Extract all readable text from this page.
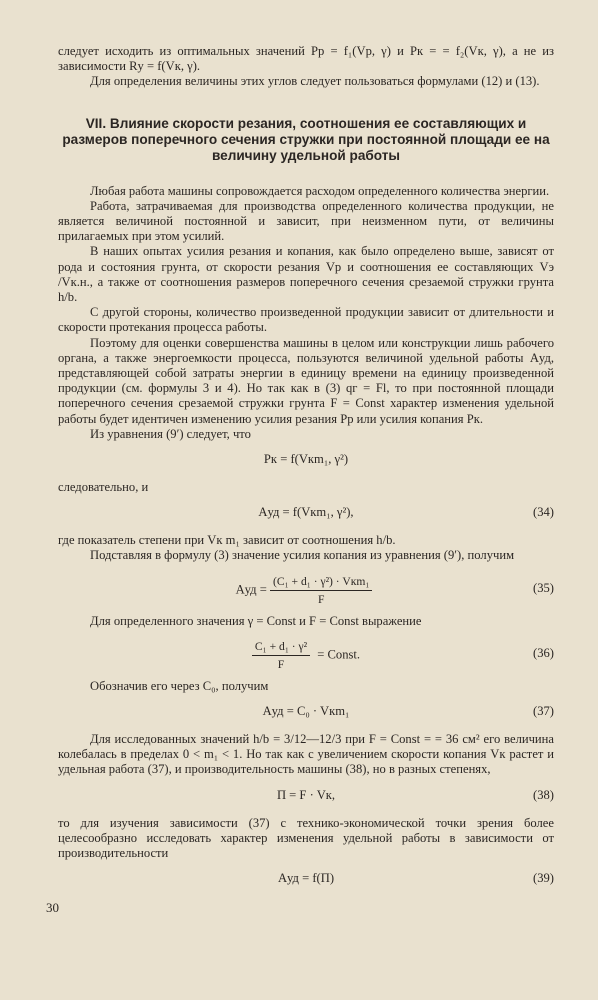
следует исходить из оптимальных значений Pр = f₁(Vр, γ) и Pк = = f₂(Vк, γ), а не из зависимости Rу = f(Vк, γ).

Для определения величины этих углов следует пользоваться формулами (12) и (13).

VII. Влияние скорости резания, соотношения ее составляющих и размеров поперечного сечения стружки при постоянной площади ее на величину удельной работы

Любая работа машины сопровождается расходом определенного количества энергии.

Работа, затрачиваемая для производства определенного количества продукции, не является величиной постоянной и зависит, при неизменном пути, от величины прилагаемых при этом усилий.

В наших опытах усилия резания и копания, как было определено выше, зависят от рода и состояния грунта, от скорости резания Vр и соотношения ее составляющих Vэ /Vк.н., а также от соотношения размеров поперечного сечения срезаемой стружки грунта h/b.

С другой стороны, количество произведенной продукции зависит от длительности и скорости протекания процесса работы.

Поэтому для оценки совершенства машины в целом или конструкции лишь рабочего органа, а также энергоемкости процесса, пользуются величиной удельной работы Aуд, представляющей собой затраты энергии в единицу времени на единицу произведенной продукции (см. формулы 3 и 4). Но так как в (3) qг = Fl, то при постоянной площади поперечного сечения срезаемой стружки грунта F = Const характер изменения удельной работы будет идентичен изменению усилия резания Pр или усилия копания Pк.

Из уравнения (9′) следует, что

Pк = f(Vкm₁, γ²)

следовательно, и

Aуд = f(Vкm₁, γ²),	(34)

где показатель степени при Vк m₁ зависит от соотношения h/b.

Подставляя в формулу (3) значение усилия копания из уравнения (9′), получим

Aуд = $\frac{\text{(C₁ + d₁ · γ²) · Vкm₁}}{F}$	(35)

Для определенного значения γ = Const и F = Const выражение

$\frac{\text{C₁ + d₁ · γ²}}{F}$ = Const.	(36)

Обозначив его через C₀, получим

Aуд = C₀ · Vкm₁	(37)

Для исследованных значений h/b = 3/12—12/3 при F = Const = = 36 см² его величина колебалась в пределах 0 < m₁ < 1. Но так как с увеличением скорости копания Vк растет и удельная работа (37), и производительность машины (38), но в разных степенях,

П = F · Vк,	(38)

то для изучения зависимости (37) с технико-экономической точки зрения более целесообразно исследовать характер изменения удельной работы в зависимости от производительности

Aуд = f(П)	(39)
30
